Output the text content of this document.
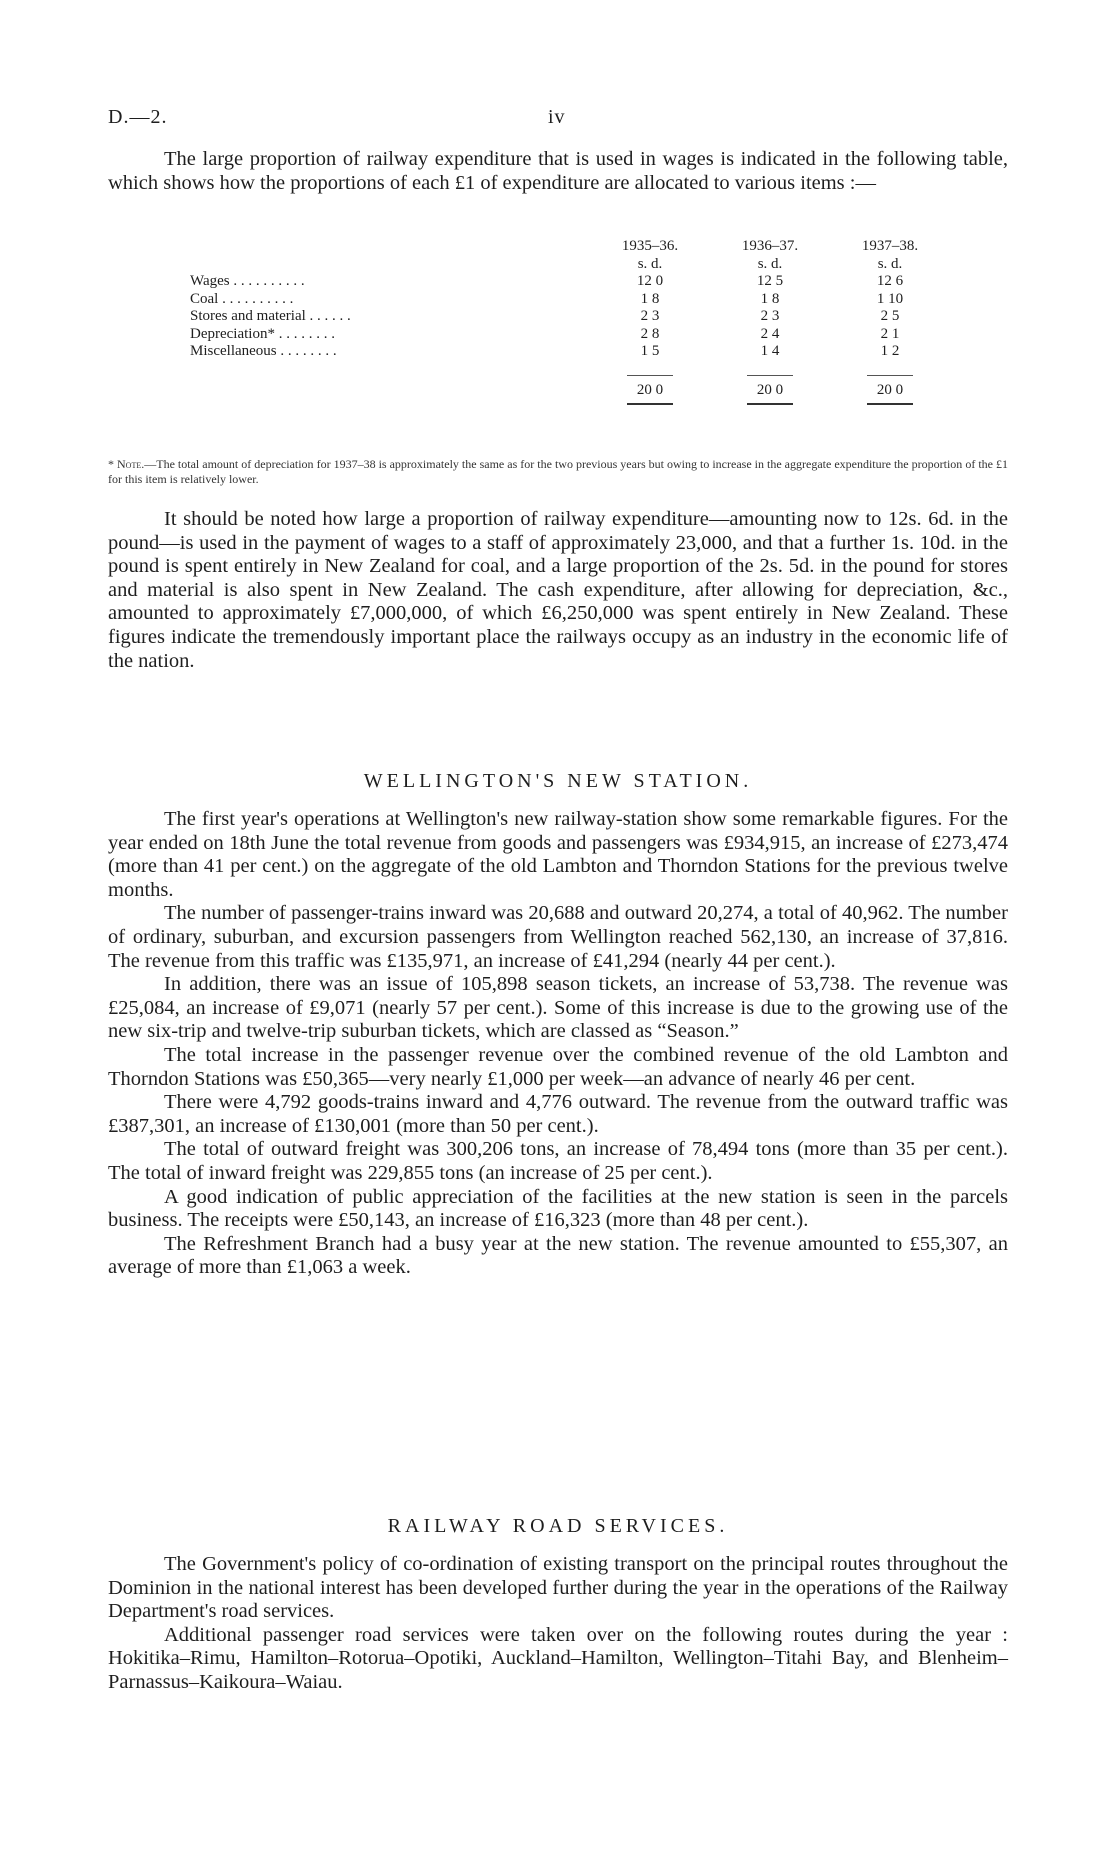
D.—2.	iv

The large proportion of railway expenditure that is used in wages is indicated in the following table, which shows how the proportions of each £1 of expenditure are allocated to various items :—

	1935–36.	1936–37.	1937–38.
	s. d.	s. d.	s. d.
Wages . . . . . . . . . .	12 0	12 5	12 6
Coal . . . . . . . . . .	1 8	1 8	1 10
Stores and material . . . . . .	2 3	2 3	2 5
Depreciation* . . . . . . . .	2 8	2 4	2 1
Miscellaneous . . . . . . . .	1 5	1 4	1 2
	20 0	20 0	20 0
* Note.—The total amount of depreciation for 1937–38 is approximately the same as for the two previous years but owing to increase in the aggregate expenditure the proportion of the £1 for this item is relatively lower.

It should be noted how large a proportion of railway expenditure—amounting now to 12s. 6d. in the pound—is used in the payment of wages to a staff of approximately 23,000, and that a further 1s. 10d. in the pound is spent entirely in New Zealand for coal, and a large proportion of the 2s. 5d. in the pound for stores and material is also spent in New Zealand. The cash expenditure, after allowing for depreciation, &c., amounted to approximately £7,000,000, of which £6,250,000 was spent entirely in New Zealand. These figures indicate the tremendously important place the railways occupy as an industry in the economic life of the nation.

WELLINGTON'S NEW STATION.

The first year's operations at Wellington's new railway-station show some remarkable figures. For the year ended on 18th June the total revenue from goods and passengers was £934,915, an increase of £273,474 (more than 41 per cent.) on the aggregate of the old Lambton and Thorndon Stations for the previous twelve months.

The number of passenger-trains inward was 20,688 and outward 20,274, a total of 40,962. The number of ordinary, suburban, and excursion passengers from Wellington reached 562,130, an increase of 37,816. The revenue from this traffic was £135,971, an increase of £41,294 (nearly 44 per cent.).

In addition, there was an issue of 105,898 season tickets, an increase of 53,738. The revenue was £25,084, an increase of £9,071 (nearly 57 per cent.). Some of this increase is due to the growing use of the new six-trip and twelve-trip suburban tickets, which are classed as “Season.”

The total increase in the passenger revenue over the combined revenue of the old Lambton and Thorndon Stations was £50,365—very nearly £1,000 per week—an advance of nearly 46 per cent.

There were 4,792 goods-trains inward and 4,776 outward. The revenue from the outward traffic was £387,301, an increase of £130,001 (more than 50 per cent.).

The total of outward freight was 300,206 tons, an increase of 78,494 tons (more than 35 per cent.). The total of inward freight was 229,855 tons (an increase of 25 per cent.).

A good indication of public appreciation of the facilities at the new station is seen in the parcels business. The receipts were £50,143, an increase of £16,323 (more than 48 per cent.).

The Refreshment Branch had a busy year at the new station. The revenue amounted to £55,307, an average of more than £1,063 a week.

RAILWAY ROAD SERVICES.

The Government's policy of co-ordination of existing transport on the principal routes throughout the Dominion in the national interest has been developed further during the year in the operations of the Railway Department's road services.

Additional passenger road services were taken over on the following routes during the year : Hokitika–Rimu, Hamilton–Rotorua–Opotiki, Auckland–Hamilton, Wellington–Titahi Bay, and Blenheim–Parnassus–Kaikoura–Waiau.
